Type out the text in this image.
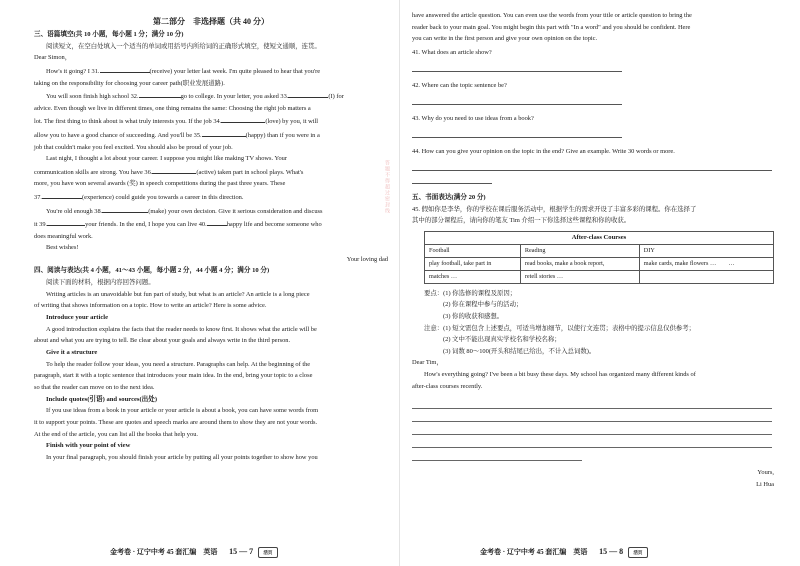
答题不得超过密封线
第二部分　非选择题（共 40 分）
三、语篇填空(共 10 小题，每小题 1 分；满分 10 分)

阅读短文，在空白处填入一个适当的单词或用括号内所给词的正确形式填空，使短文通顺，连贯。

Dear Simon，

How's it going? I 31.	(receive) your letter last week. I'm quite pleased to hear that you're

taking on the responsibility for choosing your career path(职业发展道路).

You will soon finish high school 32.	go to college. In your letter, you asked 33.	(I) for

advice. Even though we live in different times, one thing remains the same: Choosing the right job matters a

lot. The first thing to think about is what truly interests you. If the job 34.	(love) by you, it will

allow you to have a good chance of succeeding. And you'll be 35.	(happy) than if you were in a

job that couldn't make you feel excited. You should also be proud of your job.

Last night, I thought a lot about your career. I suppose you might like making TV shows. Your

communication skills are strong. You have 36.	(active) taken part in school plays. What's

more, you have won several awards (奖) in speech competitions during the past three years. These

37.	(experience) could guide you towards a career in this direction.

You're old enough 38.	(make) your own decision. Give it serious consideration and discuss

it 39.	your friends. In the end, I hope you can live 40.	happy life and become someone who

does meaningful work.

Best wishes!

Your loving dad

四、阅读与表达(共 4 小题，41～43 小题，每小题 2 分，44 小题 4 分；满分 10 分)

阅读下面的材料，根据内容回答问题。

Writing articles is an unavoidable but fun part of study, but what is an article? An article is a long piece

of writing that shows information on a topic. How to write an article? Here is some advice.

Introduce your article

A good introduction explains the facts that the reader needs to know first. It shows what the article will be

about and what you are trying to tell. Be clear about your goals and always write in the third person.

Give it a structure

To help the reader follow your ideas, you need a structure. Paragraphs can help. At the beginning of the

paragraph, start it with a topic sentence that introduces your main idea. In the end, bring your topic to a close

so that the reader can move on to the next idea.

Include quotes(引语) and sources(出处)

If you use ideas from a book in your article or your article is about a book, you can have some words from

it to support your points. These are quotes and speech marks are around them to show they are not your words.

At the end of the article, you can list all the books that help you.

Finish with your point of view

In your final paragraph, you should finish your article by putting all your points together to show how you

金考卷 · 辽宁中考 45 套汇编　英语 15 — 7 活页

have answered the article question. You can even use the words from your title or article question to bring the

reader back to your main goal. You might begin this part with "In a word" and you should be confident. Here

you can write in the first person and give your own opinion on the topic.

41. What does an article show?

42. Where can the topic sentence be?

43. Why do you need to use ideas from a book?

44. How can you give your opinion on the topic in the end? Give an example. Write 30 words or more.

五、书面表达(满分 20 分)

45. 假如你是李华，你的学校在课后服务活动中，根据学生的需求开设了丰富多彩的课程。你在选择了

其中的部分课程后，请向你的笔友 Tim 介绍一下你选择这些课程和你的收获。

After-class Courses		
Football	Reading	DIY
play football, take part in	read books, make a book report,	make cards, make flowers …　　…
matches …	retell stories …	

要点：(1) 你选修的课程及原因；

(2) 你在课程中参与的活动；

(3) 你的收获和感想。

注意：(1) 短文需包含上述要点，可适当增加细节，以使行文连贯；表格中的提示信息仅供参考；

(2) 文中不能出现真实学校名和学校名称；

(3) 词数 80～100(开头和结尾已给出，不计入总词数)。

Dear Tim，

How's everything going? I've been a bit busy these days. My school has organized many different kinds of

after-class courses recently.

Yours,

Li Hua

金考卷 · 辽宁中考 45 套汇编　英语 15 — 8 活页
